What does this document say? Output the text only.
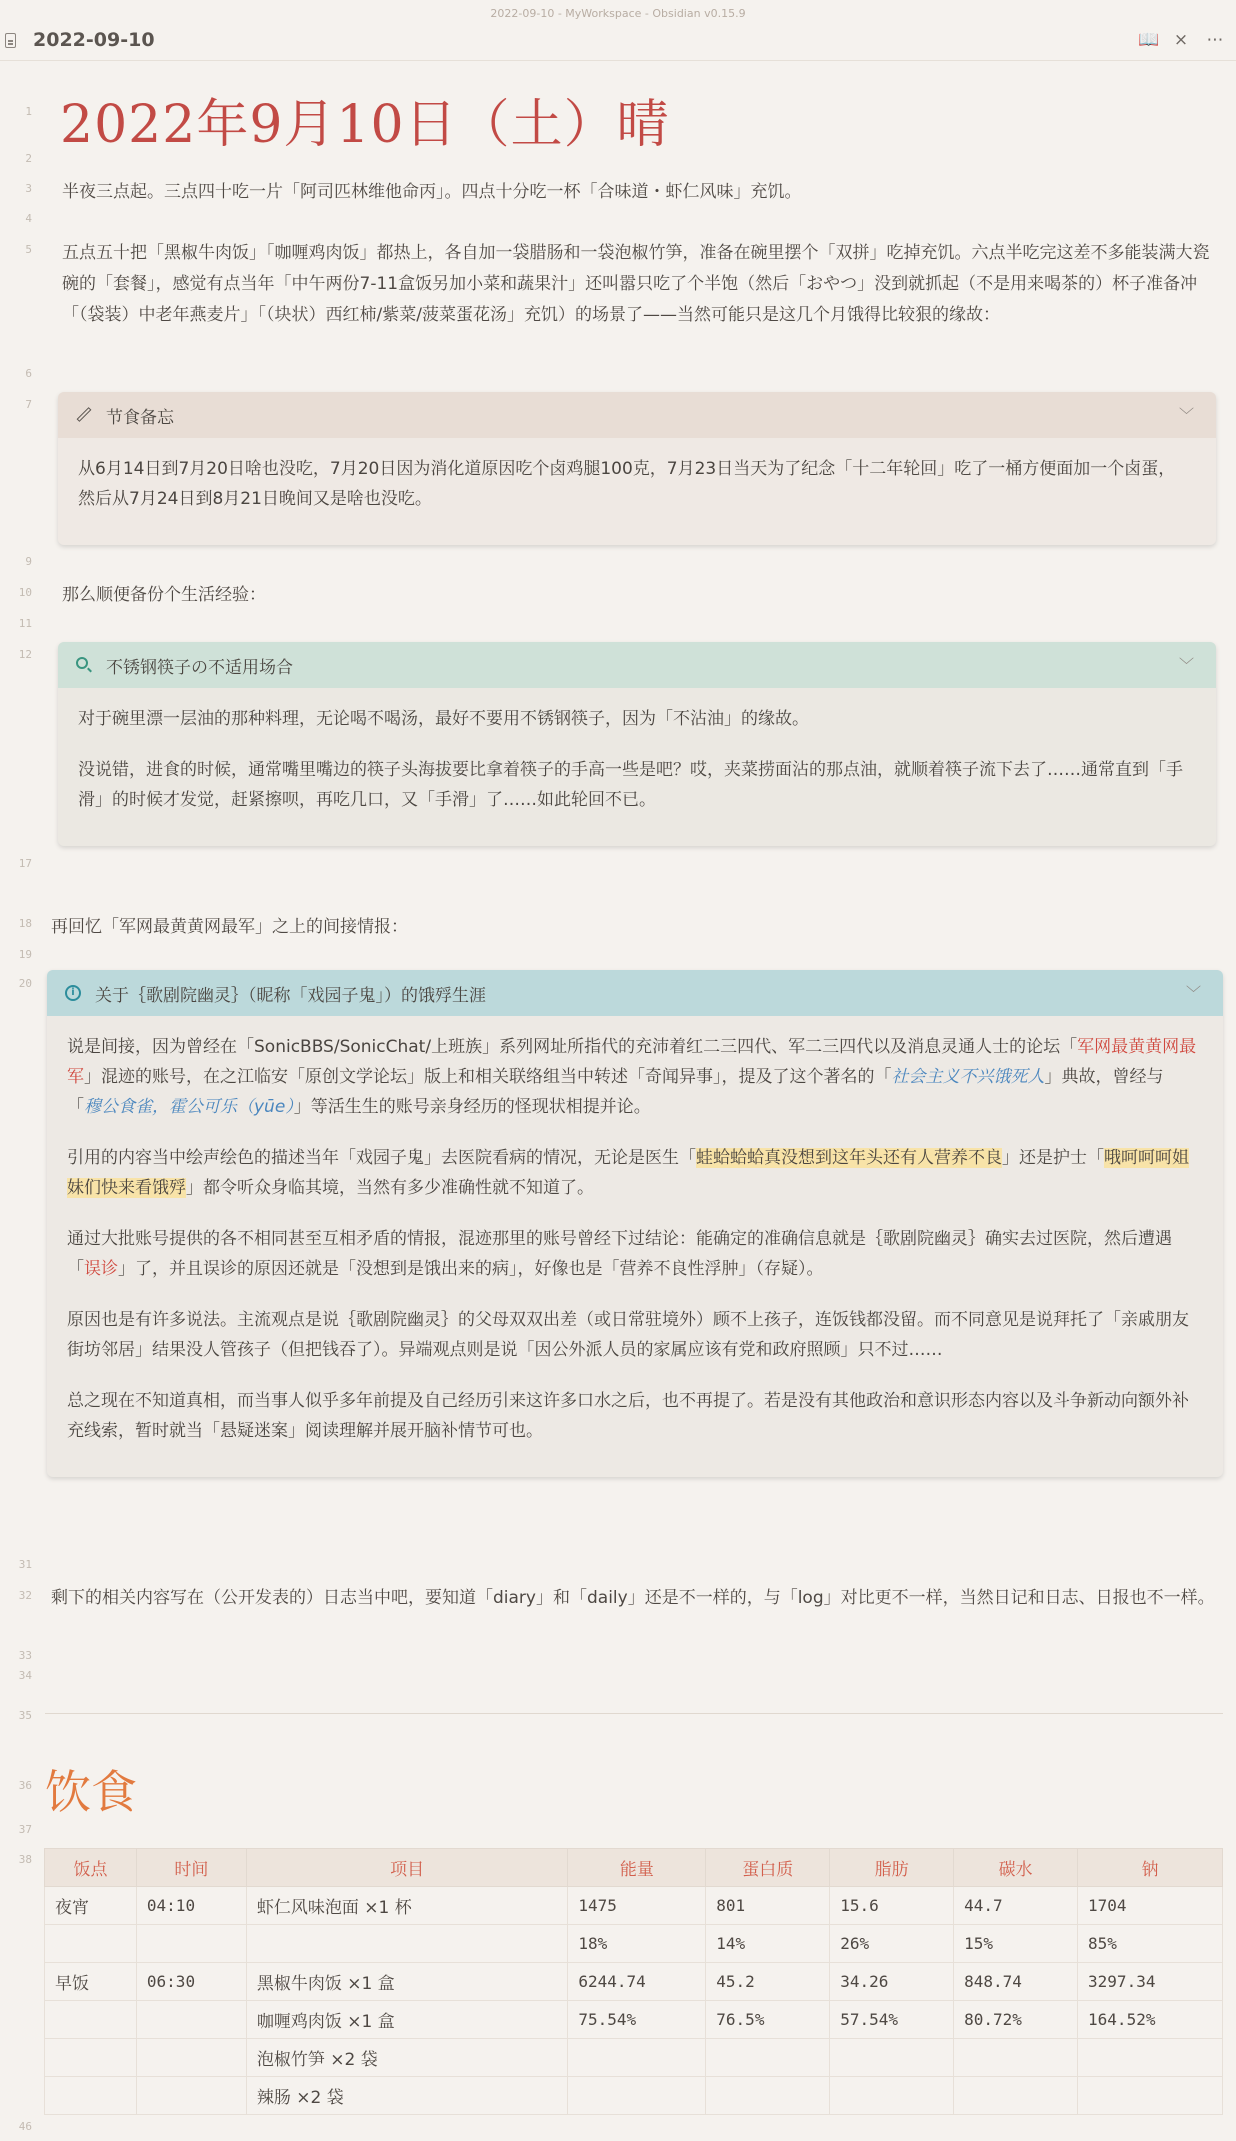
2022-09-10 - MyWorkspace - Obsidian v0.15.9
2022-09-10	📖 × ⋯
1
2
3
4
5
6
7
9
10
11
12
17
18
19
20
31
32
33
34
35
36
37
38
46
2022年9月10日（土）晴
半夜三点起。三点四十吃一片「阿司匹林维他命丙」。四点十分吃一杯「合味道・虾仁风味」充饥。
五点五十把「黑椒牛肉饭」「咖喱鸡肉饭」都热上，各自加一袋腊肠和一袋泡椒竹笋，准备在碗里摆个「双拼」吃掉充饥。六点半吃完这差不多能装满大瓷碗的「套餐」，感觉有点当年「中午两份7-11盒饭另加小菜和蔬果汁」还叫嚣只吃了个半饱（然后「おやつ」没到就抓起（不是用来喝茶的）杯子准备冲「（袋装）中老年燕麦片」「（块状）西红柿/紫菜/菠菜蛋花汤」充饥）的场景了——当然可能只是这几个月饿得比较狠的缘故：
节食备忘	﹀

从6月14日到7月20日啥也没吃，7月20日因为消化道原因吃个卤鸡腿100克，7月23日当天为了纪念「十二年轮回」吃了一桶方便面加一个卤蛋，然后从7月24日到8月21日晚间又是啥也没吃。

那么顺便备份个生活经验：
不锈钢筷子の不适用场合	﹀

对于碗里漂一层油的那种料理，无论喝不喝汤，最好不要用不锈钢筷子，因为「不沾油」的缘故。

没说错，进食的时候，通常嘴里嘴边的筷子头海拔要比拿着筷子的手高一些是吧？哎，夹菜捞面沾的那点油，就顺着筷子流下去了……通常直到「手滑」的时候才发觉，赶紧擦呗，再吃几口，又「手滑」了……如此轮回不已。

再回忆「军网最黄黄网最军」之上的间接情报：
i	关于｛歌剧院幽灵｝（昵称「戏园子鬼」）的饿殍生涯	﹀

说是间接，因为曾经在「SonicBBS/SonicChat/上班族」系列网址所指代的充沛着红二三四代、军二三四代以及消息灵通人士的论坛「军网最黄黄网最军」混迹的账号，在之江临安「原创文学论坛」版上和相关联络组当中转述「奇闻异事」，提及了这个著名的「社会主义不兴饿死人」典故，曾经与「穆公食雀，霍公可乐（yūe）」等活生生的账号亲身经历的怪现状相提并论。

引用的内容当中绘声绘色的描述当年「戏园子鬼」去医院看病的情况，无论是医生「蛙蛤蛤蛤真没想到这年头还有人营养不良」还是护士「哦呵呵呵姐妹们快来看饿殍」都令听众身临其境，当然有多少准确性就不知道了。

通过大批账号提供的各不相同甚至互相矛盾的情报，混迹那里的账号曾经下过结论：能确定的准确信息就是｛歌剧院幽灵｝确实去过医院，然后遭遇「误诊」了，并且误诊的原因还就是「没想到是饿出来的病」，好像也是「营养不良性浮肿」（存疑）。

原因也是有许多说法。主流观点是说｛歌剧院幽灵｝的父母双双出差（或日常驻境外）顾不上孩子，连饭钱都没留。而不同意见是说拜托了「亲戚朋友街坊邻居」结果没人管孩子（但把钱吞了）。异端观点则是说「因公外派人员的家属应该有党和政府照顾」只不过……

总之现在不知道真相，而当事人似乎多年前提及自己经历引来这许多口水之后，也不再提了。若是没有其他政治和意识形态内容以及斗争新动向额外补充线索，暂时就当「悬疑迷案」阅读理解并展开脑补情节可也。

剩下的相关内容写在（公开发表的）日志当中吧，要知道「diary」和「daily」还是不一样的，与「log」对比更不一样，当然日记和日志、日报也不一样。
饮食
饭点	时间	项目	能量	蛋白质	脂肪	碳水	钠
夜宵	04:10	虾仁风味泡面 ×1 杯	1475	801	15.6	44.7	1704
			18%	14%	26%	15%	85%
早饭	06:30	黑椒牛肉饭 ×1 盒	6244.74	45.2	34.26	848.74	3297.34
		咖喱鸡肉饭 ×1 盒	75.54%	76.5%	57.54%	80.72%	164.52%
		泡椒竹笋 ×2 袋					
		辣肠 ×2 袋					
